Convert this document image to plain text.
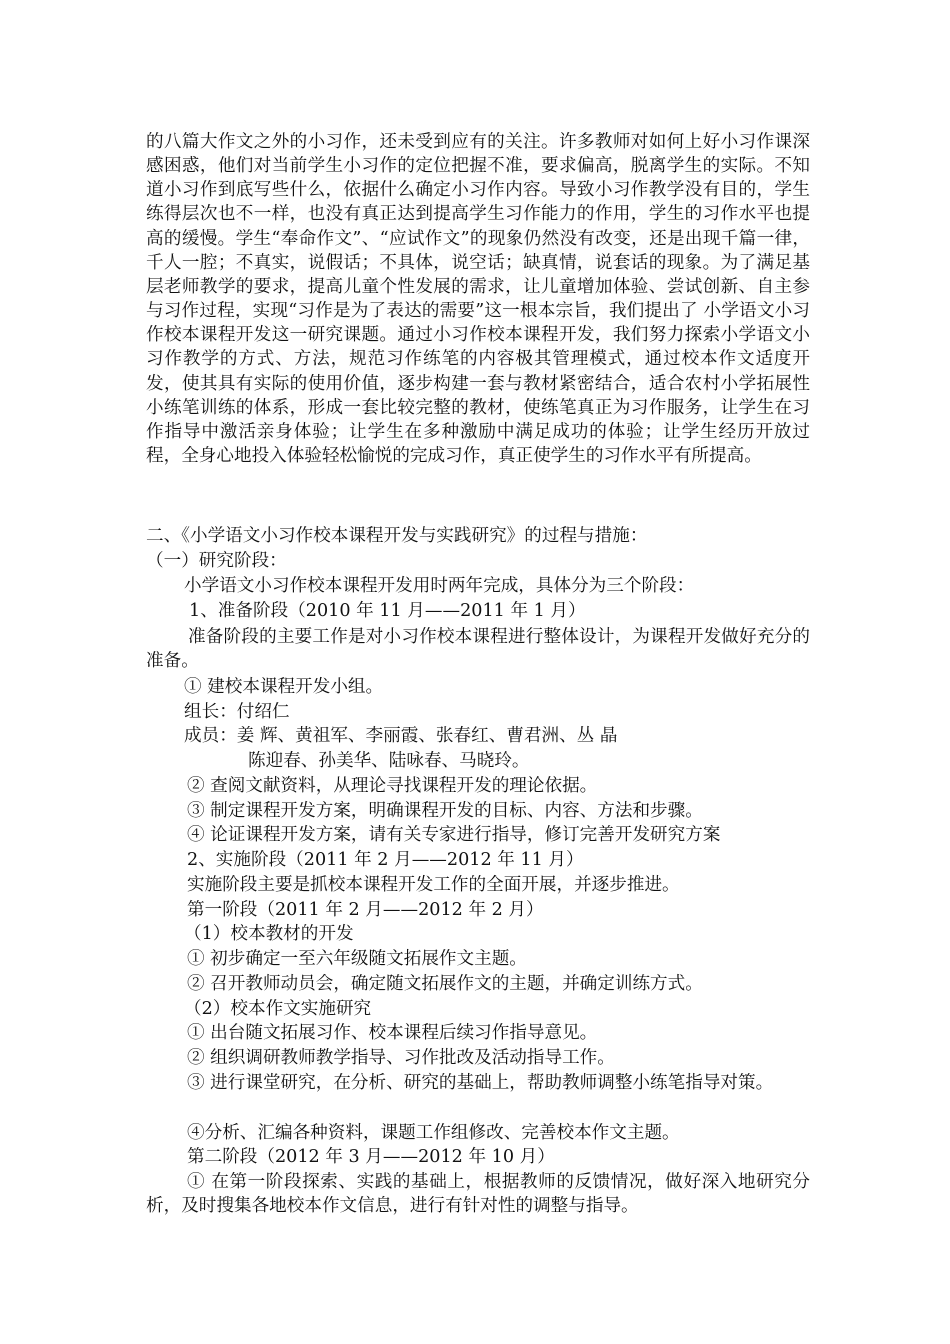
的八篇大作文之外的小习作，还未受到应有的关注。许多教师对如何上好小习作课深感困惑，他们对当前学生小习作的定位把握不准，要求偏高，脱离学生的实际。不知道小习作到底写些什么，依据什么确定小习作内容。导致小习作教学没有目的，学生练得层次也不一样，也没有真正达到提高学生习作能力的作用，学生的习作水平也提高的缓慢。学生“奉命作文”、“应试作文”的现象仍然没有改变，还是出现千篇一律，千人一腔；不真实，说假话；不具体，说空话；缺真情，说套话的现象。为了满足基层老师教学的要求，提高儿童个性发展的需求，让儿童增加体验、尝试创新、自主参与习作过程，实现“习作是为了表达的需要”这一根本宗旨，我们提出了 小学语文小习作校本课程开发这一研究课题。通过小习作校本课程开发，我们努力探索小学语文小习作教学的方式、方法，规范习作练笔的内容极其管理模式，通过校本作文适度开发，使其具有实际的使用价值，逐步构建一套与教材紧密结合，适合农村小学拓展性小练笔训练的体系，形成一套比较完整的教材，使练笔真正为习作服务，让学生在习作指导中激活亲身体验；让学生在多种激励中满足成功的体验；让学生经历开放过程，全身心地投入体验轻松愉悦的完成习作，真正使学生的习作水平有所提高。

二、《小学语文小习作校本课程开发与实践研究》的过程与措施：
（一）研究阶段：
小学语文小习作校本课程开发用时两年完成，具体分为三个阶段：
1、准备阶段（2010 年 11 月——2011 年 1 月）

准备阶段的主要工作是对小习作校本课程进行整体设计，为课程开发做好充分的准备。

① 建校本课程开发小组。
组长：付绍仁
成员：姜 辉、黄祖军、李丽霞、张春红、曹君洲、丛 晶
陈迎春、孙美华、陆咏春、马晓玲。
② 查阅文献资料，从理论寻找课程开发的理论依据。
③ 制定课程开发方案，明确课程开发的目标、内容、方法和步骤。
④ 论证课程开发方案，请有关专家进行指导，修订完善开发研究方案
2、实施阶段（2011 年 2 月——2012 年 11 月）
实施阶段主要是抓校本课程开发工作的全面开展，并逐步推进。
第一阶段（2011 年 2 月——2012 年 2 月）
（1）校本教材的开发
① 初步确定一至六年级随文拓展作文主题。
② 召开教师动员会，确定随文拓展作文的主题，并确定训练方式。
（2）校本作文实施研究
① 出台随文拓展习作、校本课程后续习作指导意见。
② 组织调研教师教学指导、习作批改及活动指导工作。

③ 进行课堂研究，在分析、研究的基础上，帮助教师调整小练笔指导对策。

④分析、汇编各种资料，课题工作组修改、完善校本作文主题。
第二阶段（2012 年 3 月——2012 年 10 月）

① 在第一阶段探索、实践的基础上，根据教师的反馈情况，做好深入地研究分析，及时搜集各地校本作文信息，进行有针对性的调整与指导。
